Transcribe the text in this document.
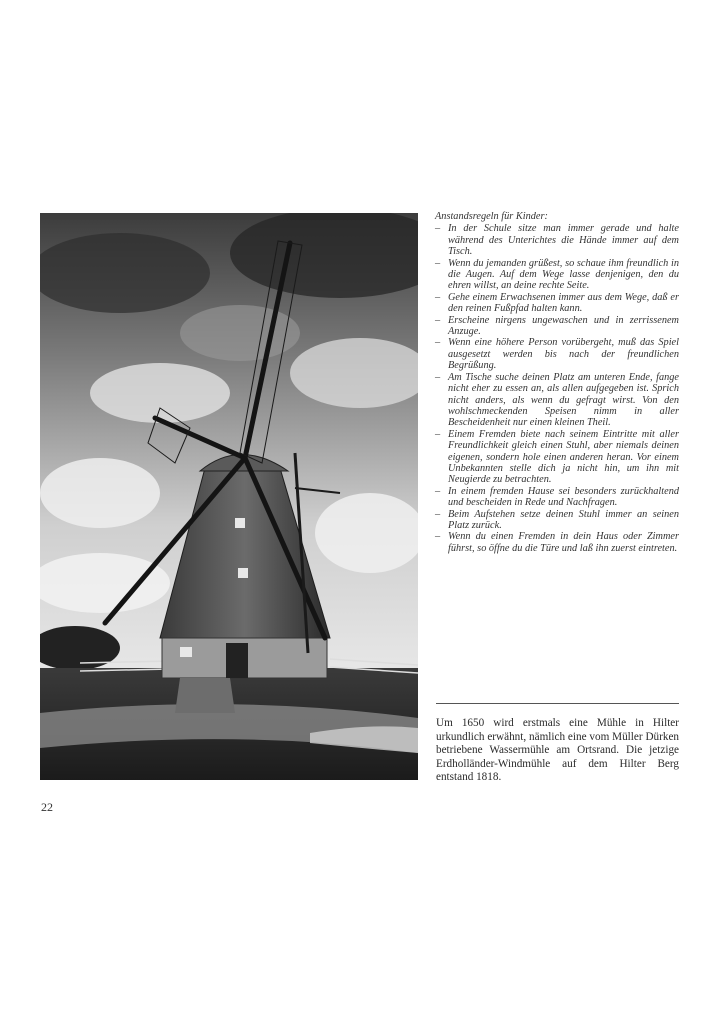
Anstandsregeln für Kinder:
– In der Schule sitze man immer gerade und halte während des Unterichtes die Hände immer auf dem Tisch.
– Wenn du jemanden grüßest, so schaue ihm freundlich in die Augen. Auf dem Wege lasse denjenigen, den du ehren willst, an deine rechte Seite.
– Gehe einem Erwachsenen immer aus dem Wege, daß er den reinen Fußpfad halten kann.
– Erscheine nirgens ungewaschen und in zerrissenem Anzuge.
– Wenn eine höhere Person vorübergeht, muß das Spiel ausgesetzt werden bis nach der freundlichen Begrüßung.
– Am Tische suche deinen Platz am unteren Ende, fange nicht eher zu essen an, als allen aufgegeben ist. Sprich nicht anders, als wenn du gefragt wirst. Von den wohlschmeckenden Speisen nimm in aller Bescheidenheit nur einen kleinen Theil.
– Einem Fremden biete nach seinem Eintritte mit aller Freundlichkeit gleich einen Stuhl, aber niemals deinen eigenen, sondern hole einen anderen heran. Vor einem Unbekannten stelle dich ja nicht hin, um ihn mit Neugierde zu betrachten.
– In einem fremden Hause sei besonders zurückhaltend und bescheiden in Rede und Nachfragen.
– Beim Aufstehen setze deinen Stuhl immer an seinen Platz zurück.
– Wenn du einen Fremden in dein Haus oder Zimmer führst, so öffne du die Türe und laß ihn zuerst eintreten.
Um 1650 wird erstmals eine Mühle in Hilter urkundlich erwähnt, nämlich eine vom Müller Dürken betriebene Wassermühle am Ortsrand. Die jetzige Erdholländer-Windmühle auf dem Hilter Berg entstand 1818.
22
